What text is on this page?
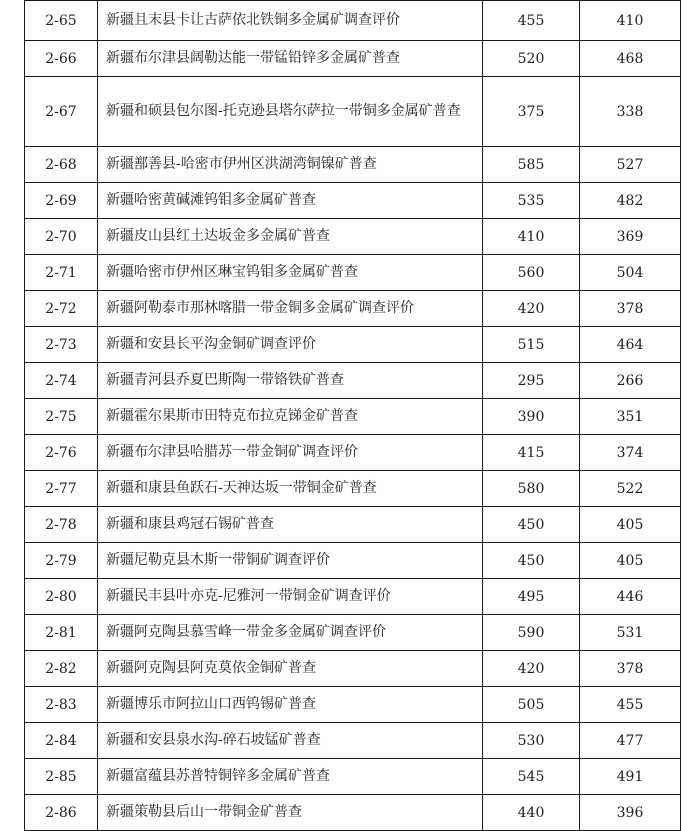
2-65	新疆且末县卡让古萨依北铁铜多金属矿调查评价	455	410
2-66	新疆布尔津县阔勒达能一带锰铅锌多金属矿普查	520	468
2-67	新疆和硕县包尔图-托克逊县塔尔萨拉一带铜多金属矿普查	375	338
2-68	新疆鄯善县-哈密市伊州区洪湖湾铜镍矿普查	585	527
2-69	新疆哈密黄碱滩钨钼多金属矿普查	535	482
2-70	新疆皮山县红土达坂金多金属矿普查	410	369
2-71	新疆哈密市伊州区琳宝钨钼多金属矿普查	560	504
2-72	新疆阿勒泰市那林喀腊一带金铜多金属矿调查评价	420	378
2-73	新疆和安县长平沟金铜矿调查评价	515	464
2-74	新疆青河县乔夏巴斯陶一带铬铁矿普查	295	266
2-75	新疆霍尔果斯市田特克布拉克锑金矿普查	390	351
2-76	新疆布尔津县哈腊苏一带金铜矿调查评价	415	374
2-77	新疆和康县鱼跃石-天神达坂一带铜金矿普查	580	522
2-78	新疆和康县鸡冠石锡矿普查	450	405
2-79	新疆尼勒克县木斯一带铜矿调查评价	450	405
2-80	新疆民丰县叶亦克-尼雅河一带铜金矿调查评价	495	446
2-81	新疆阿克陶县慕雪峰一带金多金属矿调查评价	590	531
2-82	新疆阿克陶县阿克莫依金铜矿普查	420	378
2-83	新疆博乐市阿拉山口西钨锡矿普查	505	455
2-84	新疆和安县泉水沟-碎石坡锰矿普查	530	477
2-85	新疆富蕴县苏普特铜锌多金属矿普查	545	491
2-86	新疆策勒县后山一带铜金矿普查	440	396
